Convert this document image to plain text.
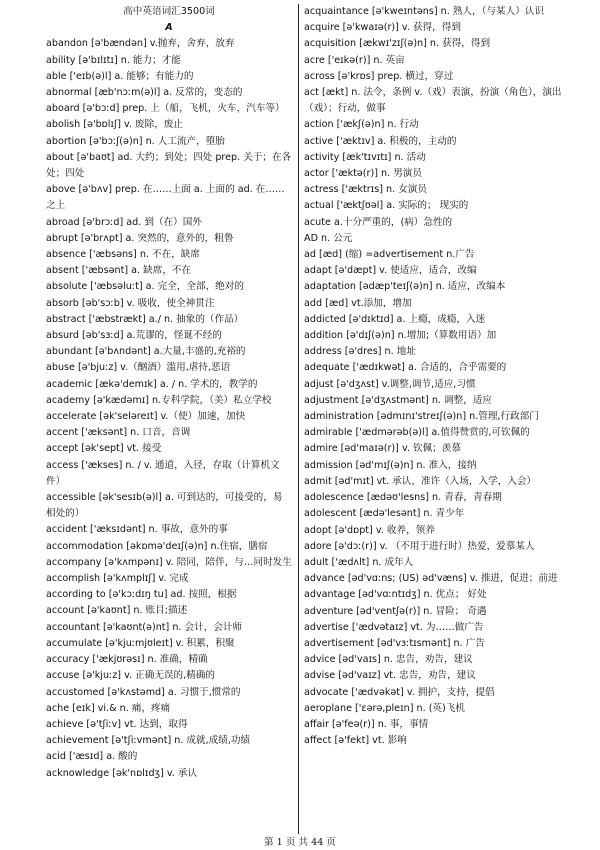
高中英语词汇3500词
A
abandon [ə'bændən] v.抛弃，舍弃，放弃
ability [ə'bɪlɪtɪ] n. 能力；才能
able ['eɪb(ə)l] a. 能够；有能力的
abnormal [æb'nɔːm(ə)l] a. 反常的，变态的
aboard [ə'bɔːd] prep. 上（船，飞机，火车，汽车等）
abolish [ə'bɒlɪʃ] v. 废除，废止
abortion [ə'bɔːʃ(ə)n] n. 人工流产，堕胎
about [ə'baʊt] ad. 大约；到处；四处 prep. 关于；在各处；四处
above [ə'bʌv] prep. 在……上面 a. 上面的 ad. 在……之上
abroad [ə'brɔːd] ad. 到（在）国外
abrupt [ə'brʌpt] a. 突然的，意外的，粗鲁
absence ['æbsəns] n. 不在，缺席
absent ['æbsənt] a. 缺席，不在
absolute ['æbsəluːt] a. 完全，全部，绝对的
absorb [əb'sɔːb] v. 吸收，使全神贯注
abstract ['æbstrækt] a./ n. 抽象的（作品）
absurd [əb'sɜːd] a.荒谬的，怪诞不经的
abundant [ə'bʌndənt] a.大量,丰盛的,充裕的
abuse [ə'bjuːz] v.（酗酒）滥用,虐待,恶语
academic [ækə'demɪk] a. / n. 学术的，教学的
academy [ə'kædəmɪ] n.专科学院，（美）私立学校
accelerate [ək'seləreɪt] v.（使）加速，加快
accent ['æksənt] n. 口音，音调
accept [ək'sept] vt. 接受
access ['ækses] n. / v. 通道，入径，存取（计算机文件）
accessible [ək'sesɪb(ə)l] a. 可到达的，可接受的，易相处的）
accident ['æksɪdənt] n. 事故，意外的事
accommodation [əkɒmə'deɪʃ(ə)n] n.住宿，膳宿
accompany [ə'kʌmpənɪ] v. 陪同，陪伴，与…同时发生
accomplish [ə'kʌmplɪʃ] v. 完成
according to [ə'kɔːdɪŋ tu] ad. 按照，根据
account [ə'kaʊnt] n. 账目;描述
accountant [ə'kaʊnt(ə)nt] n. 会计，会计师
accumulate [ə'kjuːmjʊleɪt] v. 积累，积聚
accuracy ['ækjʊrəsɪ] n. 准确，精确
accuse [ə'kjuːz] v. 正确无误的,精确的
accustomed [ə'kʌstəmd] a. 习惯于,惯常的
ache [eɪk] vi.& n. 痛，疼痛
achieve [ə'tʃiːv] vt. 达到，取得
achievement [ə'tʃiːvmənt] n. 成就,成绩,功绩
acid ['æsɪd] a. 酸的
acknowledge [ək'nɒlɪdʒ] v. 承认
acquaintance [ə'kweɪntəns] n. 熟人，（与某人）认识
acquire [ə'kwaɪə(r)] v. 获得，得到
acquisition [ækwɪ'zɪʃ(ə)n] n. 获得，得到
acre ['eɪkə(r)] n. 英亩
across [ə'krɒs] prep. 横过，穿过
act [ækt] n. 法令，条例 v.（戏）表演，扮演（角色），演出（戏）；行动，做事
action ['ækʃ(ə)n] n. 行动
active ['æktɪv] a. 积极的，主动的
activity [æk'tɪvɪtɪ] n. 活动
actor ['æktə(r)] n. 男演员
actress ['æktrɪs] n. 女演员
actual ['æktʃʊəl] a. 实际的； 现实的
acute a.十分严重的，(病）急性的
AD n. 公元
ad [æd] (缩) =advertisement n.广告
adapt [ə'dæpt] v. 使适应，适合，改编
adaptation [ədæp'teɪʃ(ə)n] n. 适应，改编本
add [æd] vt.添加，增加
addicted [ə'dɪktɪd] a. 上瘾，成瘾，入迷
addition [ə'dɪʃ(ə)n] n.增加;（算数用语）加
address [ə'dres] n. 地址
adequate ['ædɪkwət] a. 合适的，合乎需要的
adjust [ə'dʒʌst] v.调整,调节,适应,习惯
adjustment [ə'dʒʌstmənt] n. 调整，适应
administration [ədmɪnɪ'streɪʃ(ə)n] n.管理,行政部门
admirable ['ædmərəb(ə)l] a.值得赞赏的,可钦佩的
admire [əd'maɪə(r)] v. 钦佩；羡慕
admission [əd'mɪʃ(ə)n] n. 准入，接纳
admit [əd'mɪt] vt. 承认，准许（入场，入学，入会）
adolescence [ædəʊ'lesns] n. 青春，青春期
adolescent [ædə'lesənt] n. 青少年
adopt [ə'dɒpt] v. 收养，领养
adore [ə'dɔː(r)] v. （不用于进行时）热爱，爱慕某人
adult ['ædʌlt] n. 成年人
advance [əd'vɑːns; (US) əd'væns] v. 推进，促进；前进
advantage [əd'vɑːntɪdʒ] n. 优点； 好处
adventure [əd'ventʃə(r)] n. 冒险； 奇遇
advertise ['ædvətaɪz] vt. 为……做广告
advertisement [əd'vɜːtɪsmənt] n. 广告
advice [əd'vaɪs] n. 忠告，劝告，建议
advise [əd'vaɪz] vt. 忠告，劝告，建议
advocate ['ædvəkət] v. 拥护，支持，提倡
aeroplane ['ɛərə,pleɪn] n. (英)飞机
affair [ə'feə(r)] n. 事，事情
affect [ə'fekt] vt. 影响
第 1 页 共 44 页
